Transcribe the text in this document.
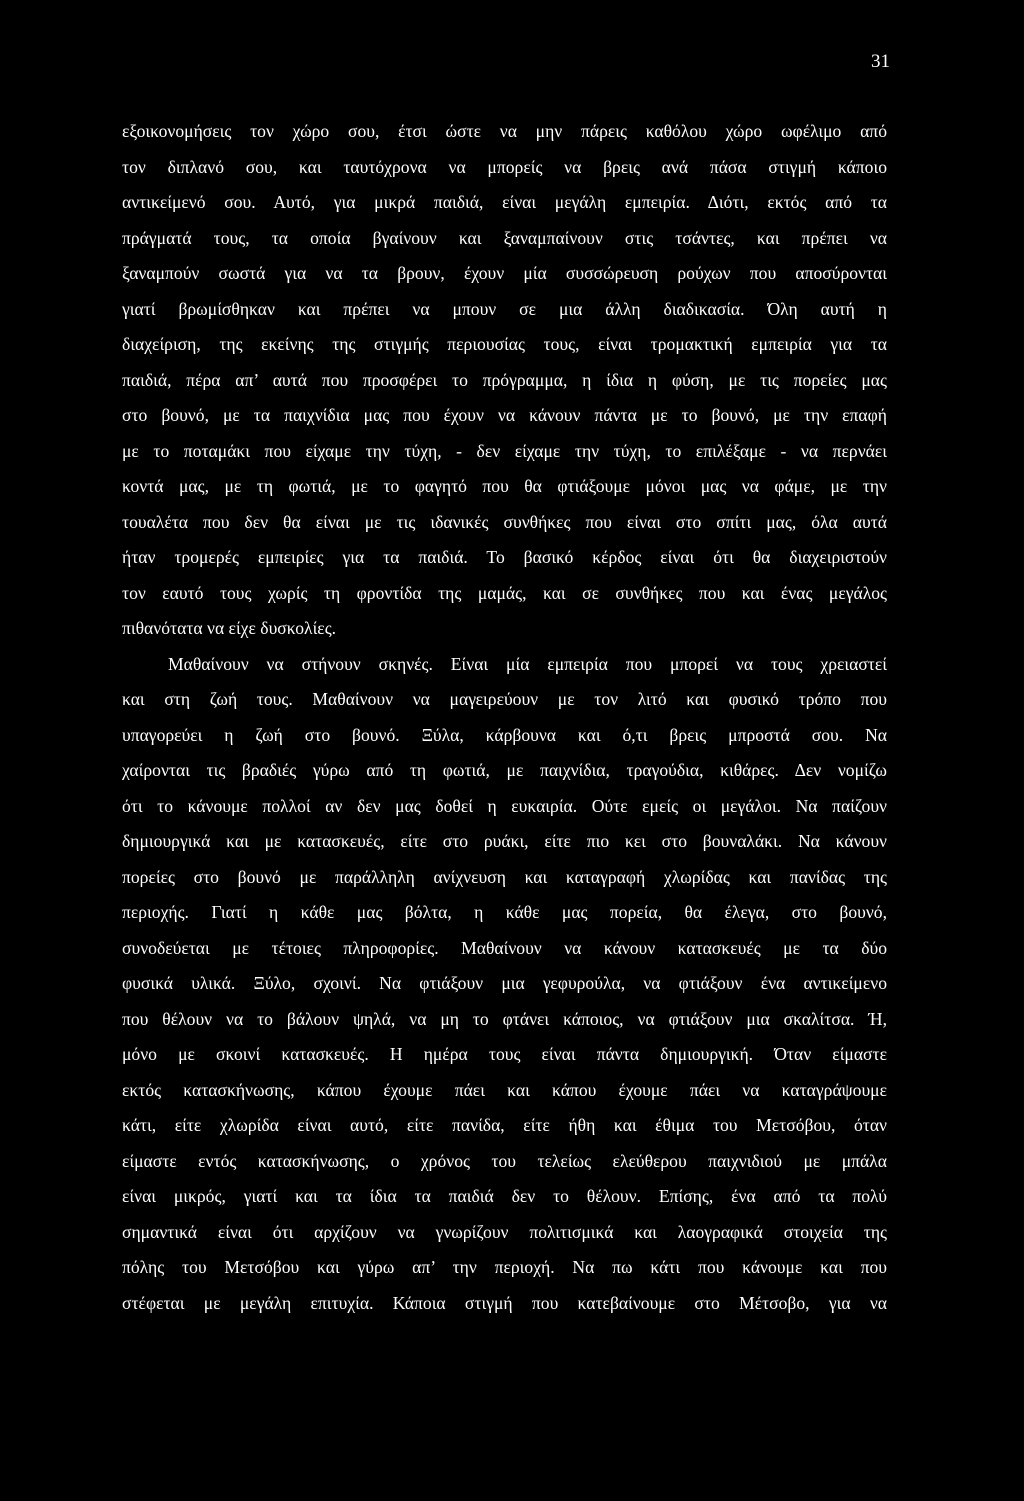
31
εξοικονομήσεις τον χώρο σου, έτσι ώστε να μην πάρεις καθόλου χώρο ωφέλιμο από
τον διπλανό σου, και ταυτόχρονα να μπορείς να βρεις ανά πάσα στιγμή κάποιο
αντικείμενό σου. Αυτό, για μικρά παιδιά, είναι μεγάλη εμπειρία. Διότι, εκτός από τα
πράγματά τους, τα οποία βγαίνουν και ξαναμπαίνουν στις τσάντες, και πρέπει να
ξαναμπούν σωστά για να τα βρουν, έχουν μία συσσώρευση ρούχων που αποσύρονται
γιατί βρωμίσθηκαν και πρέπει να μπουν σε μια άλλη διαδικασία. Όλη αυτή η
διαχείριση, της εκείνης της στιγμής περιουσίας τους, είναι τρομακτική εμπειρία για τα
παιδιά, πέρα απ’ αυτά που προσφέρει το πρόγραμμα, η ίδια η φύση, με τις πορείες μας
στο βουνό, με τα παιχνίδια μας που έχουν να κάνουν πάντα με το βουνό, με την επαφή
με το ποταμάκι που είχαμε την τύχη, - δεν είχαμε την τύχη, το επιλέξαμε - να περνάει
κοντά μας, με τη φωτιά, με το φαγητό που θα φτιάξουμε μόνοι μας να φάμε, με την
τουαλέτα που δεν θα είναι με τις ιδανικές συνθήκες που είναι στο σπίτι μας, όλα αυτά
ήταν τρομερές εμπειρίες για τα παιδιά. Το βασικό κέρδος είναι ότι θα διαχειριστούν
τον εαυτό τους χωρίς τη φροντίδα της μαμάς, και σε συνθήκες που και ένας μεγάλος
πιθανότατα να είχε δυσκολίες.
Μαθαίνουν να στήνουν σκηνές. Είναι μία εμπειρία που μπορεί να τους χρειαστεί
και στη ζωή τους. Μαθαίνουν να μαγειρεύουν με τον λιτό και φυσικό τρόπο που
υπαγορεύει η ζωή στο βουνό. Ξύλα, κάρβουνα και ό,τι βρεις μπροστά σου. Να
χαίρονται τις βραδιές γύρω από τη φωτιά, με παιχνίδια, τραγούδια, κιθάρες. Δεν νομίζω
ότι το κάνουμε πολλοί αν δεν μας δοθεί η ευκαιρία. Ούτε εμείς οι μεγάλοι. Να παίζουν
δημιουργικά και με κατασκευές, είτε στο ρυάκι, είτε πιο κει στο βουναλάκι. Να κάνουν
πορείες στο βουνό με παράλληλη ανίχνευση και καταγραφή χλωρίδας και πανίδας της
περιοχής. Γιατί η κάθε μας βόλτα, η κάθε μας πορεία, θα έλεγα, στο βουνό,
συνοδεύεται με τέτοιες πληροφορίες. Μαθαίνουν να κάνουν κατασκευές με τα δύο
φυσικά υλικά. Ξύλο, σχοινί. Να φτιάξουν μια γεφυρούλα, να φτιάξουν ένα αντικείμενο
που θέλουν να το βάλουν ψηλά, να μη το φτάνει κάποιος, να φτιάξουν μια σκαλίτσα. Ή,
μόνο με σκοινί κατασκευές. Η ημέρα τους είναι πάντα δημιουργική. Όταν είμαστε
εκτός κατασκήνωσης, κάπου έχουμε πάει και κάπου έχουμε πάει να καταγράψουμε
κάτι, είτε χλωρίδα είναι αυτό, είτε πανίδα, είτε ήθη και έθιμα του Μετσόβου, όταν
είμαστε εντός κατασκήνωσης, ο χρόνος του τελείως ελεύθερου παιχνιδιού με μπάλα
είναι μικρός, γιατί και τα ίδια τα παιδιά δεν το θέλουν. Επίσης, ένα από τα πολύ
σημαντικά είναι ότι αρχίζουν να γνωρίζουν πολιτισμικά και λαογραφικά στοιχεία της
πόλης του Μετσόβου και γύρω απ’ την περιοχή. Να πω κάτι που κάνουμε και που
στέφεται με μεγάλη επιτυχία. Κάποια στιγμή που κατεβαίνουμε στο Μέτσοβο, για να
